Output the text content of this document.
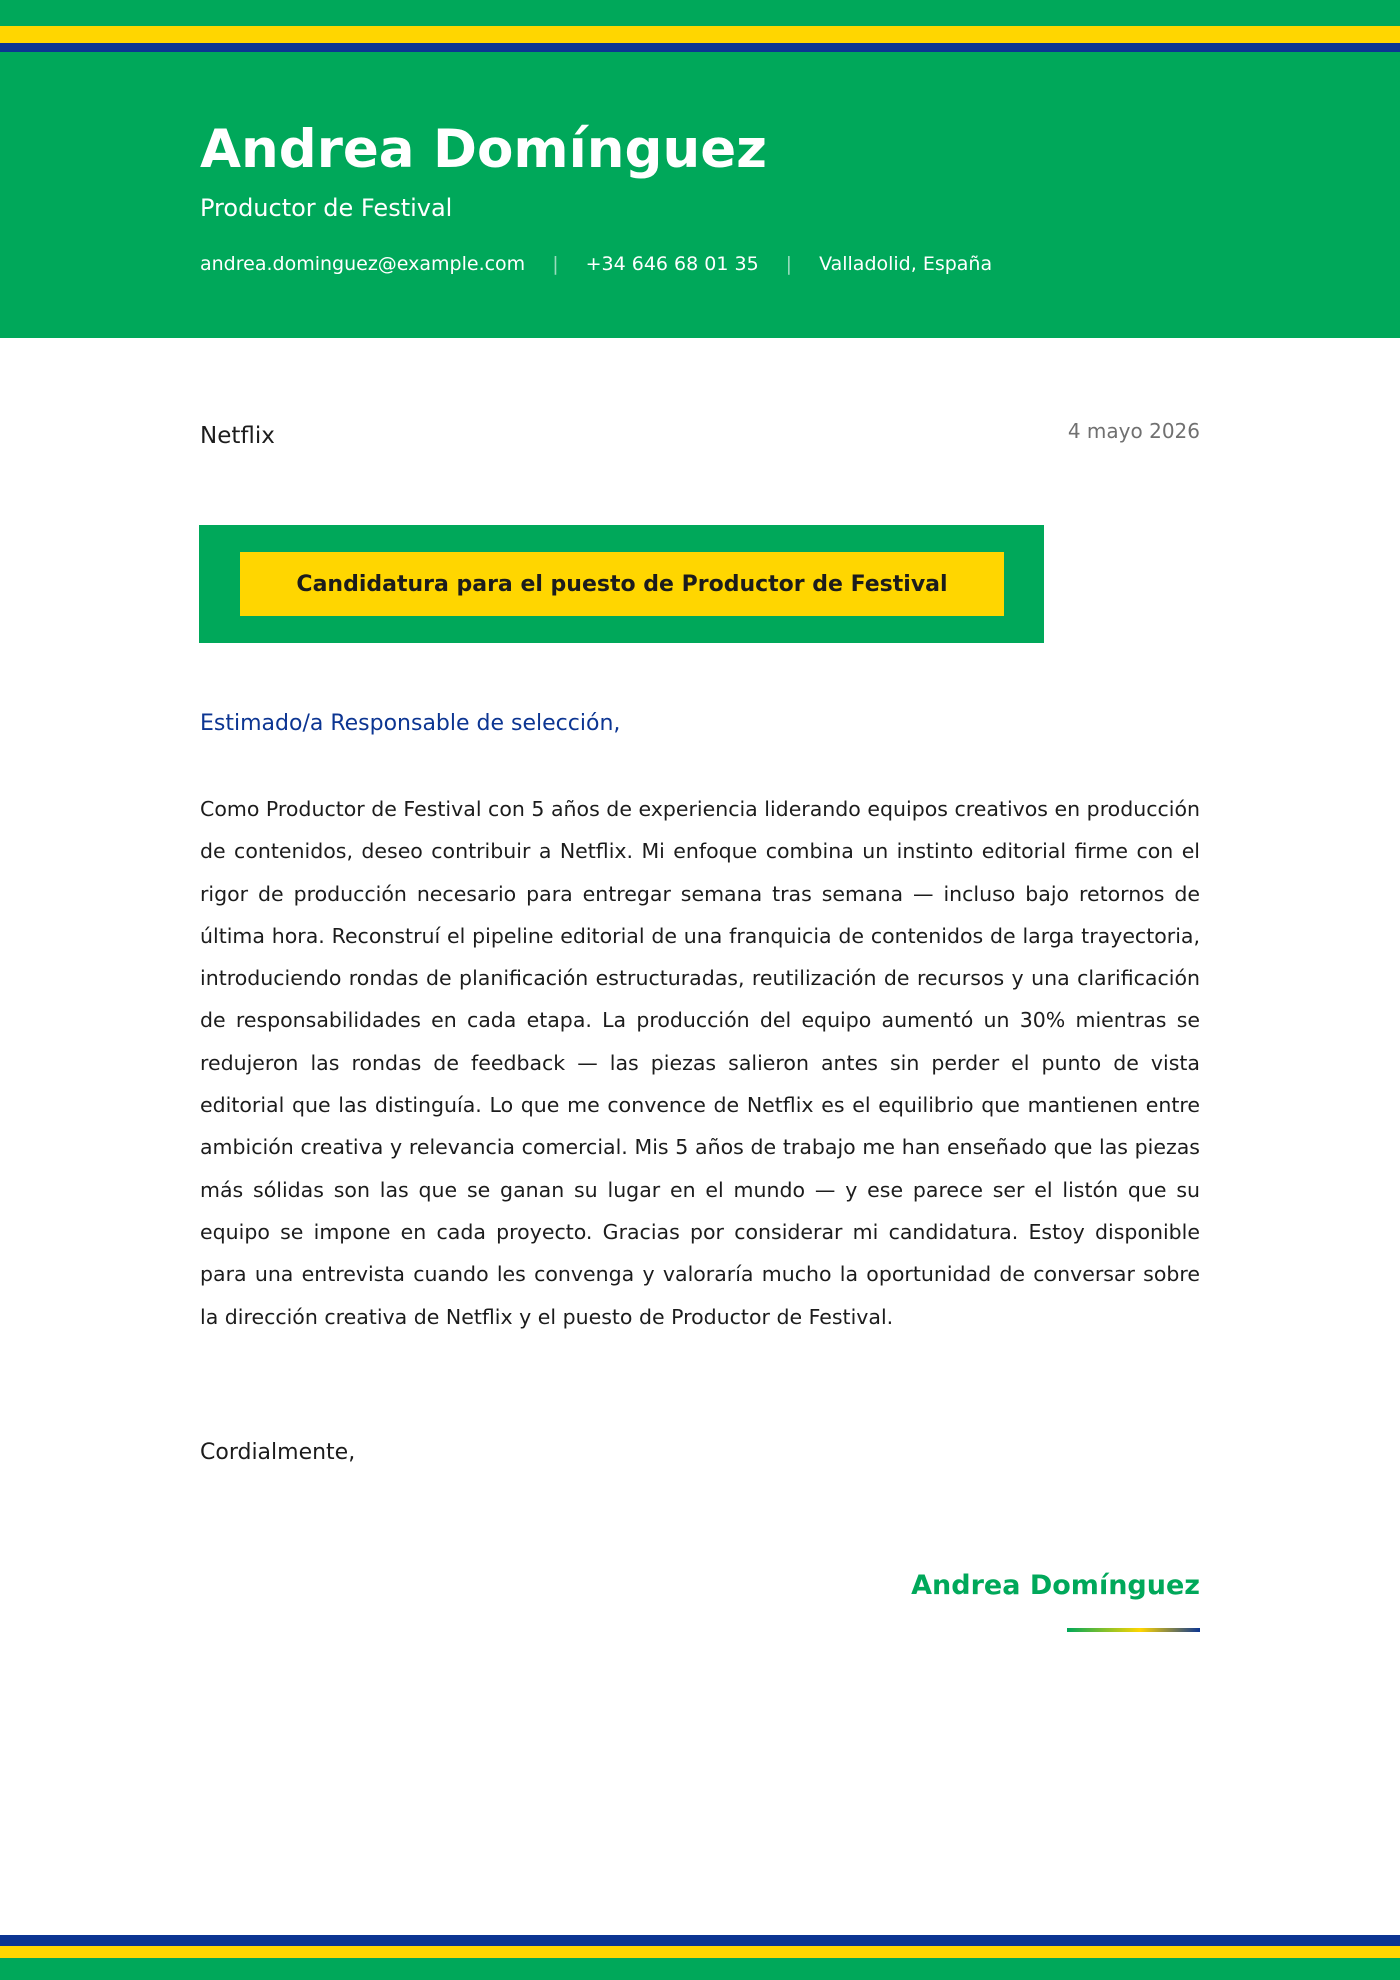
Andrea Domínguez
Productor de Festival
andrea.dominguez@example.com | +34 646 68 01 35 | Valladolid, España
Netflix	4 mayo 2026
Candidatura para el puesto de Productor de Festival
Estimado/a Responsable de selección,

Como Productor de Festival con 5 años de experiencia liderando equipos creativos en producción de contenidos, deseo contribuir a Netflix. Mi enfoque combina un instinto editorial firme con el rigor de producción necesario para entregar semana tras semana — incluso bajo retornos de última hora. Reconstruí el pipeline editorial de una franquicia de contenidos de larga trayectoria, introduciendo rondas de planificación estructuradas, reutilización de recursos y una clarificación de responsabilidades en cada etapa. La producción del equipo aumentó un 30% mientras se redujeron las rondas de feedback — las piezas salieron antes sin perder el punto de vista editorial que las distinguía. Lo que me convence de Netflix es el equilibrio que mantienen entre ambición creativa y relevancia comercial. Mis 5 años de trabajo me han enseñado que las piezas más sólidas son las que se ganan su lugar en el mundo — y ese parece ser el listón que su equipo se impone en cada proyecto. Gracias por considerar mi candidatura. Estoy disponible para una entrevista cuando les convenga y valoraría mucho la oportunidad de conversar sobre la dirección creativa de Netflix y el puesto de Productor de Festival.

Cordialmente,
Andrea Domínguez
